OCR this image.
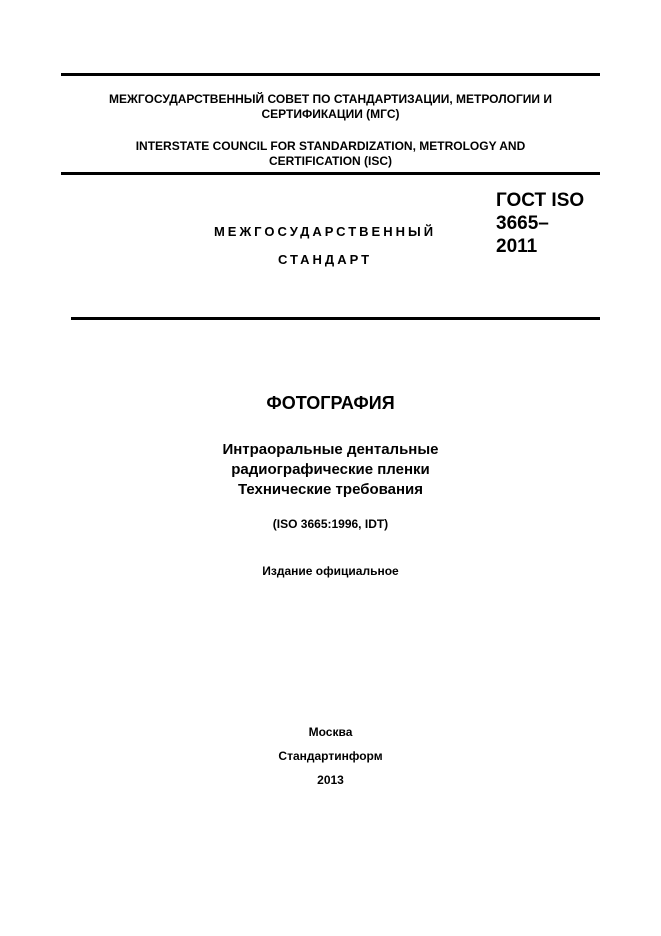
МЕЖГОСУДАРСТВЕННЫЙ СОВЕТ ПО СТАНДАРТИЗАЦИИ, МЕТРОЛОГИИ И
СЕРТИФИКАЦИИ (МГС)
INTERSTATE COUNCIL FOR STANDARDIZATION, METROLOGY AND
CERTIFICATION (ISC)
МЕЖГОСУДАРСТВЕННЫЙ
СТАНДАРТ
ГОСТ ISO
3665–
2011
ФОТОГРАФИЯ
Интраоральные дентальные
радиографические пленки
Технические требования
(ISO 3665:1996, IDT)
Издание официальное
Москва
Стандартинформ
2013
